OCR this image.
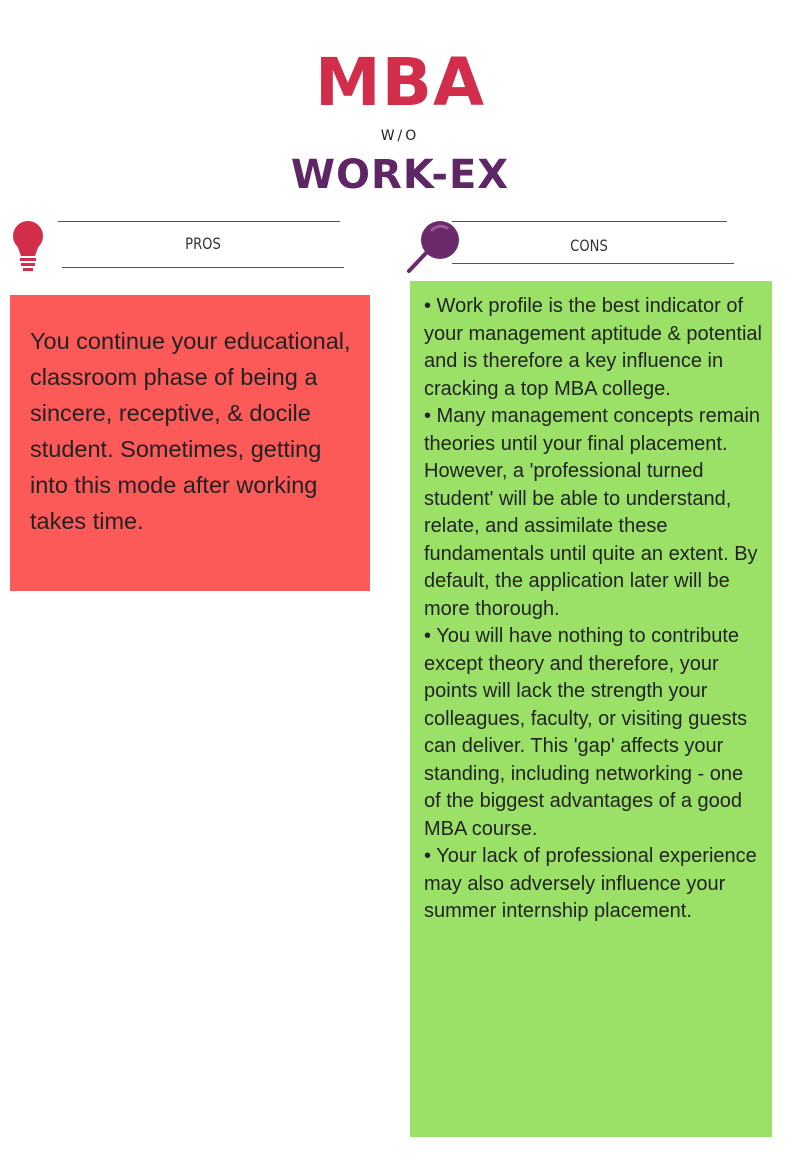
MBA
W/O
WORK-EX
PROS	CONS
You continue your educational, classroom phase of being a sincere, receptive, & docile student. Sometimes, getting into this mode after working takes time.

• Work profile is the best indicator of your management aptitude & potential and is therefore a key influence in cracking a top MBA college.

• Many management concepts remain theories until your final placement. However, a 'professional turned student' will be able to understand, relate, and assimilate these fundamentals until quite an extent. By default, the application later will be more thorough.

• You will have nothing to contribute except theory and therefore, your points will lack the strength your colleagues, faculty, or visiting guests can deliver. This 'gap' affects your standing, including networking - one of the biggest advantages of a good MBA course.

• Your lack of professional experience may also adversely influence your summer internship placement.
